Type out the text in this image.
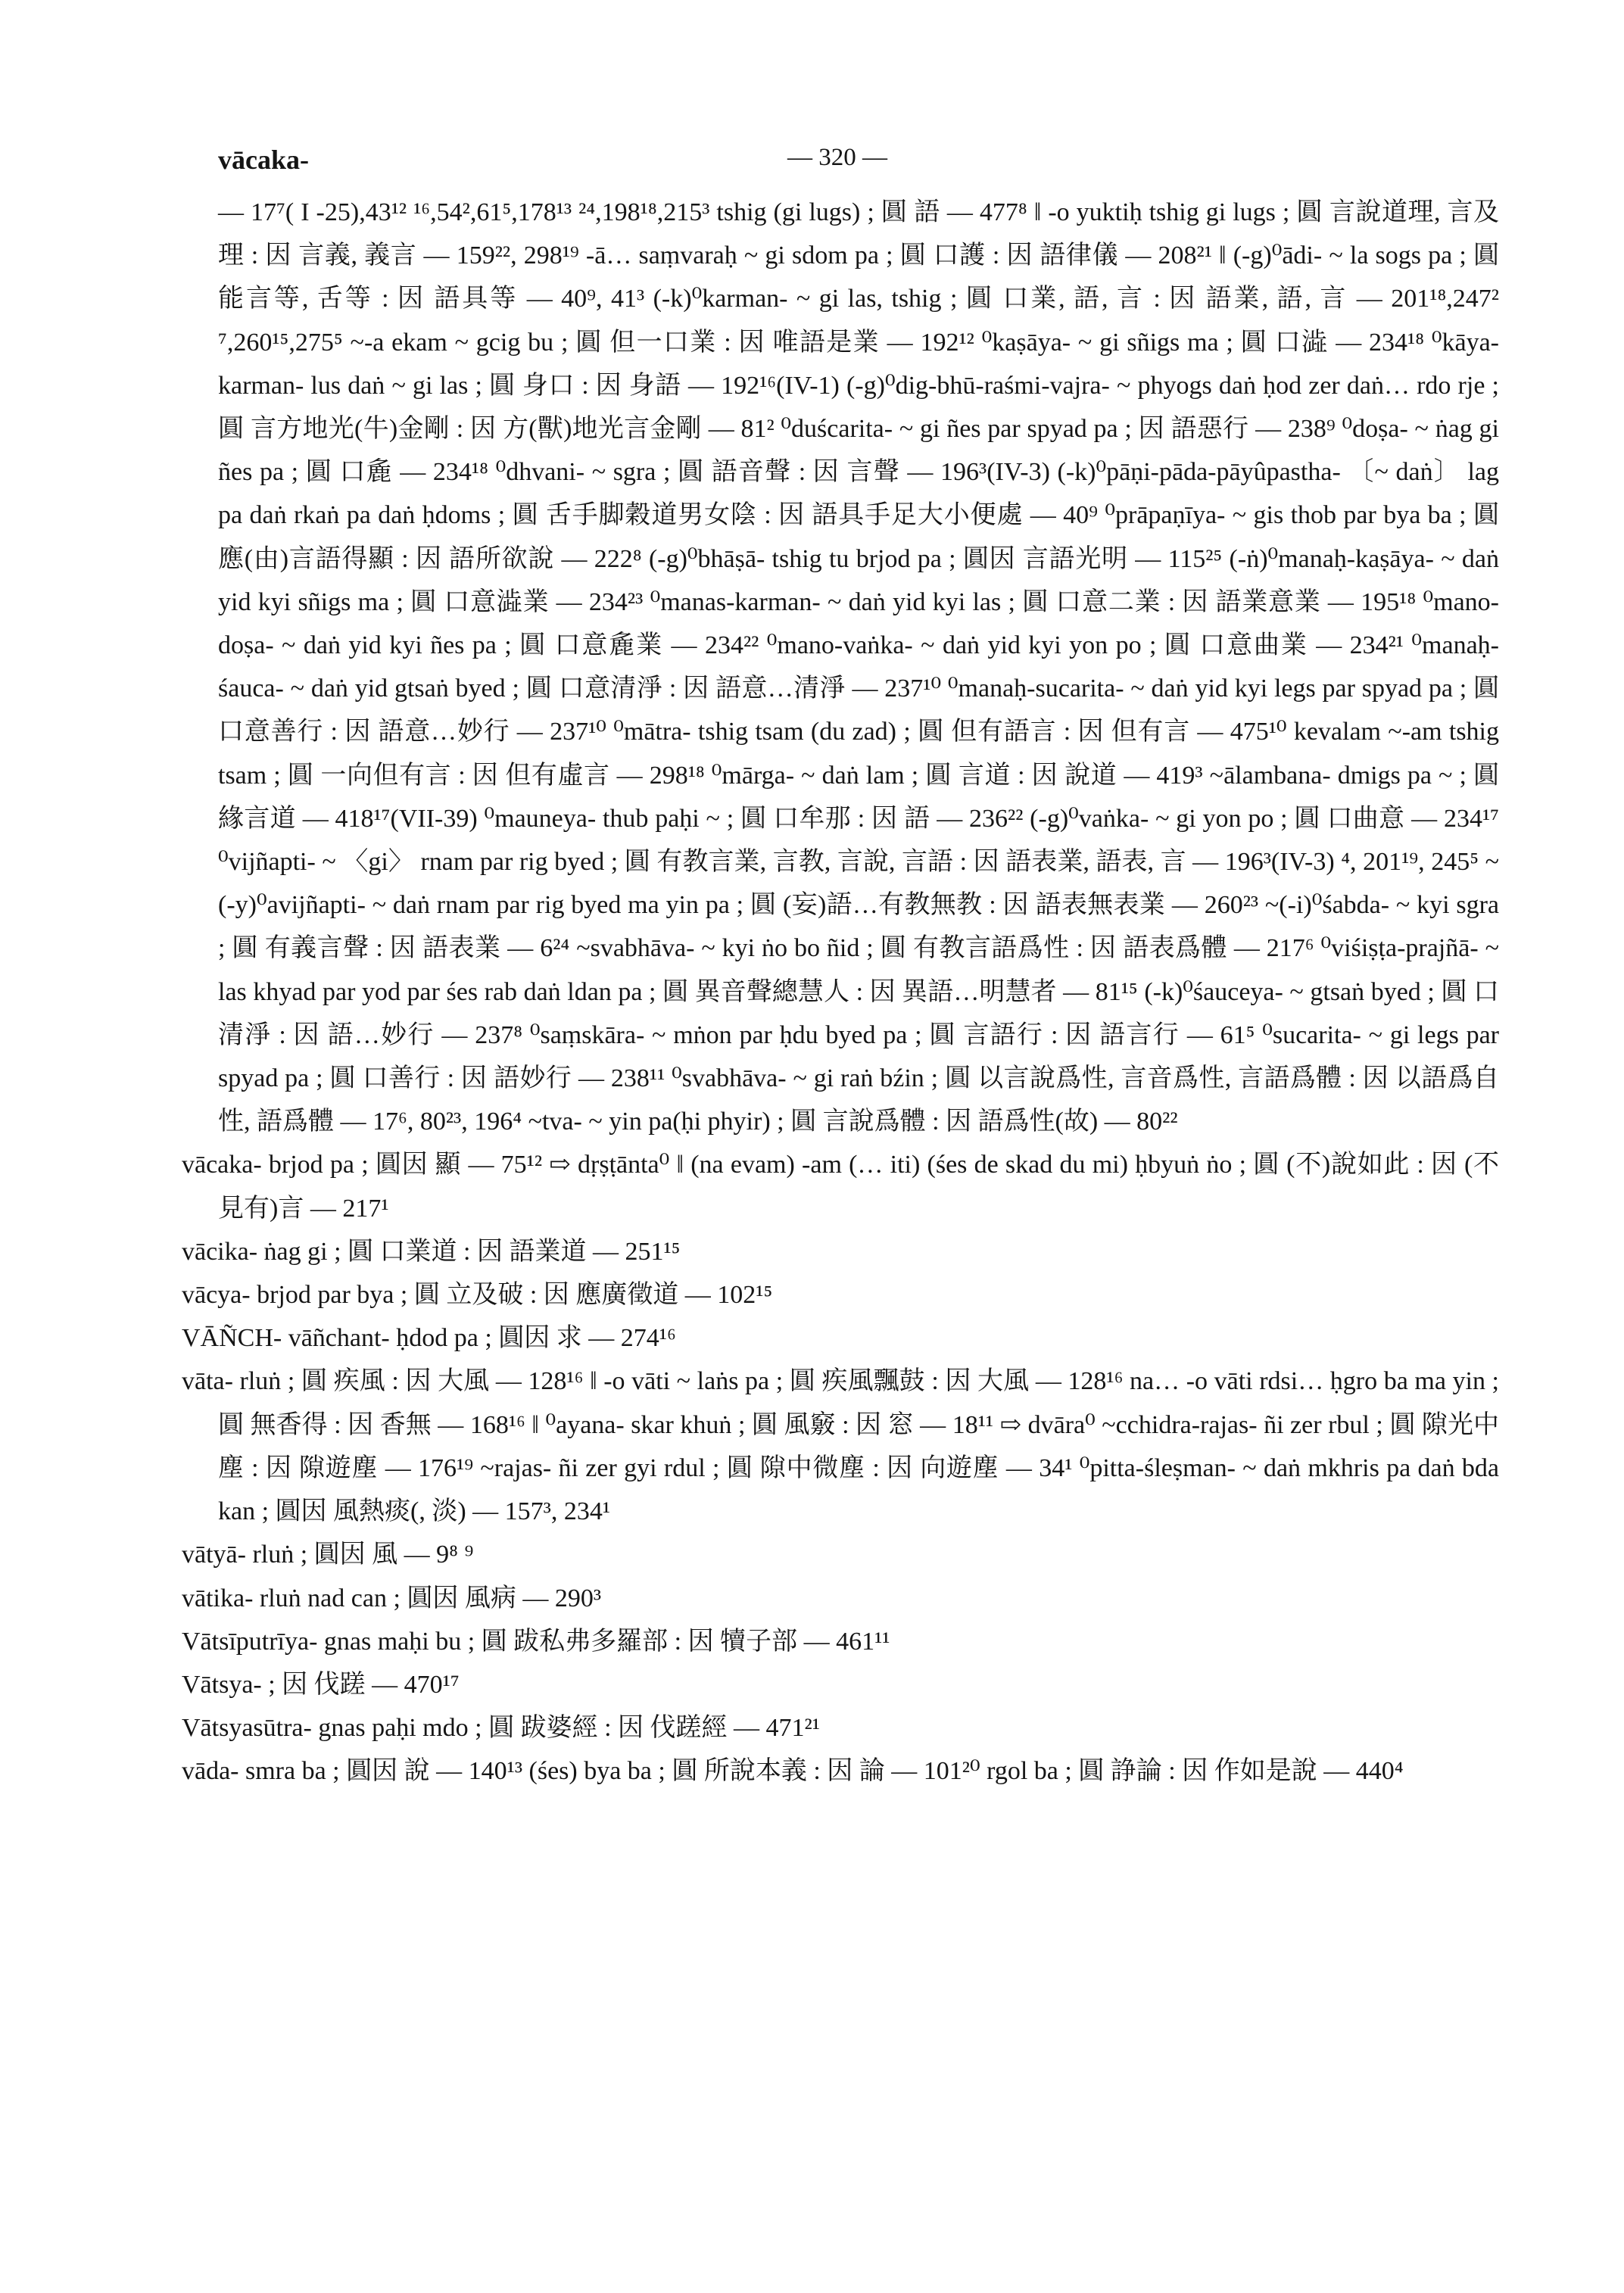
vācaka-	— 320 —

— 17⁷( I -25),43¹² ¹⁶,54²,61⁵,178¹³ ²⁴,198¹⁸,215³ tshig (gi lugs) ; 圓 語 — 477⁸ ‖ -o yuktiḥ tshig gi lugs ; 圓 言說道理, 言及理 : 因 言義, 義言 — 159²², 298¹⁹ -ā… saṃvaraḥ ~ gi sdom pa ; 圓 口護 : 因 語律儀 — 208²¹ ‖ (-g)⁰ādi- ~ la sogs pa ; 圓 能言等, 舌等 : 因 語具等 — 40⁹, 41³ (-k)⁰karman- ~ gi las, tshig ; 圓 口業, 語, 言 : 因 語業, 語, 言 — 201¹⁸,247² ⁷,260¹⁵,275⁵ ~-a ekam ~ gcig bu ; 圓 但一口業 : 因 唯語是業 — 192¹² ⁰kaṣāya- ~ gi sñigs ma ; 圓 口澁 — 234¹⁸ ⁰kāya-karman- lus daṅ ~ gi las ; 圓 身口 : 因 身語 — 192¹⁶(IV-1) (-g)⁰dig-bhū-raśmi-vajra- ~ phyogs daṅ ḥod zer daṅ… rdo rje ; 圓 言方地光(牛)金剛 : 因 方(獸)地光言金剛 — 81² ⁰duścarita- ~ gi ñes par spyad pa ; 因 語惡行 — 238⁹ ⁰doṣa- ~ ṅag gi ñes pa ; 圓 口麁 — 234¹⁸ ⁰dhvani- ~ sgra ; 圓 語音聲 : 因 言聲 — 196³(IV-3) (-k)⁰pāṇi-pāda-pāyûpastha- 〔~ daṅ〕 lag pa daṅ rkaṅ pa daṅ ḥdoms ; 圓 舌手脚穀道男女陰 : 因 語具手足大小便處 — 40⁹ ⁰prāpaṇīya- ~ gis thob par bya ba ; 圓 應(由)言語得顯 : 因 語所欲說 — 222⁸ (-g)⁰bhāṣā- tshig tu brjod pa ; 圓因 言語光明 — 115²⁵ (-ṅ)⁰manaḥ-kaṣāya- ~ daṅ yid kyi sñigs ma ; 圓 口意澁業 — 234²³ ⁰manas-karman- ~ daṅ yid kyi las ; 圓 口意二業 : 因 語業意業 — 195¹⁸ ⁰mano-doṣa- ~ daṅ yid kyi ñes pa ; 圓 口意麁業 — 234²² ⁰mano-vaṅka- ~ daṅ yid kyi yon po ; 圓 口意曲業 — 234²¹ ⁰manaḥ-śauca- ~ daṅ yid gtsaṅ byed ; 圓 口意清淨 : 因 語意…清淨 — 237¹⁰ ⁰manaḥ-sucarita- ~ daṅ yid kyi legs par spyad pa ; 圓 口意善行 : 因 語意…妙行 — 237¹⁰ ⁰mātra- tshig tsam (du zad) ; 圓 但有語言 : 因 但有言 — 475¹⁰ kevalam ~-am tshig tsam ; 圓 一向但有言 : 因 但有虛言 — 298¹⁸ ⁰mārga- ~ daṅ lam ; 圓 言道 : 因 說道 — 419³ ~ālambana- dmigs pa ~ ; 圓 緣言道 — 418¹⁷(VII-39) ⁰mauneya- thub paḥi ~ ; 圓 口牟那 : 因 語 — 236²² (-g)⁰vaṅka- ~ gi yon po ; 圓 口曲意 — 234¹⁷ ⁰vijñapti- ~ 〈gi〉 rnam par rig byed ; 圓 有教言業, 言教, 言說, 言語 : 因 語表業, 語表, 言 — 196³(IV-3) ⁴, 201¹⁹, 245⁵ ~(-y)⁰avijñapti- ~ daṅ rnam par rig byed ma yin pa ; 圓 (妄)語…有教無教 : 因 語表無表業 — 260²³ ~(-i)⁰śabda- ~ kyi sgra ; 圓 有義言聲 : 因 語表業 — 6²⁴ ~svabhāva- ~ kyi ṅo bo ñid ; 圓 有教言語爲性 : 因 語表爲體 — 217⁶ ⁰viśiṣṭa-prajñā- ~ las khyad par yod par śes rab daṅ ldan pa ; 圓 異音聲總慧人 : 因 異語…明慧者 — 81¹⁵ (-k)⁰śauceya- ~ gtsaṅ byed ; 圓 口清淨 : 因 語…妙行 — 237⁸ ⁰saṃskāra- ~ mṅon par ḥdu byed pa ; 圓 言語行 : 因 語言行 — 61⁵ ⁰sucarita- ~ gi legs par spyad pa ; 圓 口善行 : 因 語妙行 — 238¹¹ ⁰svabhāva- ~ gi raṅ bźin ; 圓 以言說爲性, 言音爲性, 言語爲體 : 因 以語爲自性, 語爲體 — 17⁶, 80²³, 196⁴ ~tva- ~ yin pa(ḥi phyir) ; 圓 言說爲體 : 因 語爲性(故) — 80²²

vācaka- brjod pa ; 圓因 顯 — 75¹² ⇨ dṛṣṭānta⁰ ‖ (na evam) -am (… iti) (śes de skad du mi) ḥbyuṅ ṅo ; 圓 (不)說如此 : 因 (不見有)言 — 217¹

vācika- ṅag gi ; 圓 口業道 : 因 語業道 — 251¹⁵

vācya- brjod par bya ; 圓 立及破 : 因 應廣徵道 — 102¹⁵

VĀÑCH- vāñchant- ḥdod pa ; 圓因 求 — 274¹⁶

vāta- rluṅ ; 圓 疾風 : 因 大風 — 128¹⁶ ‖ -o vāti ~ laṅs pa ; 圓 疾風飄鼓 : 因 大風 — 128¹⁶ na… -o vāti rdsi… ḥgro ba ma yin ; 圓 無香得 : 因 香無 — 168¹⁶ ‖ ⁰ayana- skar khuṅ ; 圓 風竅 : 因 窓 — 18¹¹ ⇨ dvāra⁰ ~cchidra-rajas- ñi zer rbul ; 圓 隙光中塵 : 因 隙遊塵 — 176¹⁹ ~rajas- ñi zer gyi rdul ; 圓 隙中微塵 : 因 向遊塵 — 34¹ ⁰pitta-śleṣman- ~ daṅ mkhris pa daṅ bda kan ; 圓因 風熱痰(, 淡) — 157³, 234¹

vātyā- rluṅ ; 圓因 風 — 9⁸ ⁹

vātika- rluṅ nad can ; 圓因 風病 — 290³

Vātsīputrīya- gnas maḥi bu ; 圓 跋私弗多羅部 : 因 犢子部 — 461¹¹

Vātsya- ; 因 伐蹉 — 470¹⁷

Vātsyasūtra- gnas paḥi mdo ; 圓 跋婆經 : 因 伐蹉經 — 471²¹

vāda- smra ba ; 圓因 說 — 140¹³ (śes) bya ba ; 圓 所說本義 : 因 論 — 101²⁰ rgol ba ; 圓 諍論 : 因 作如是說 — 440⁴
